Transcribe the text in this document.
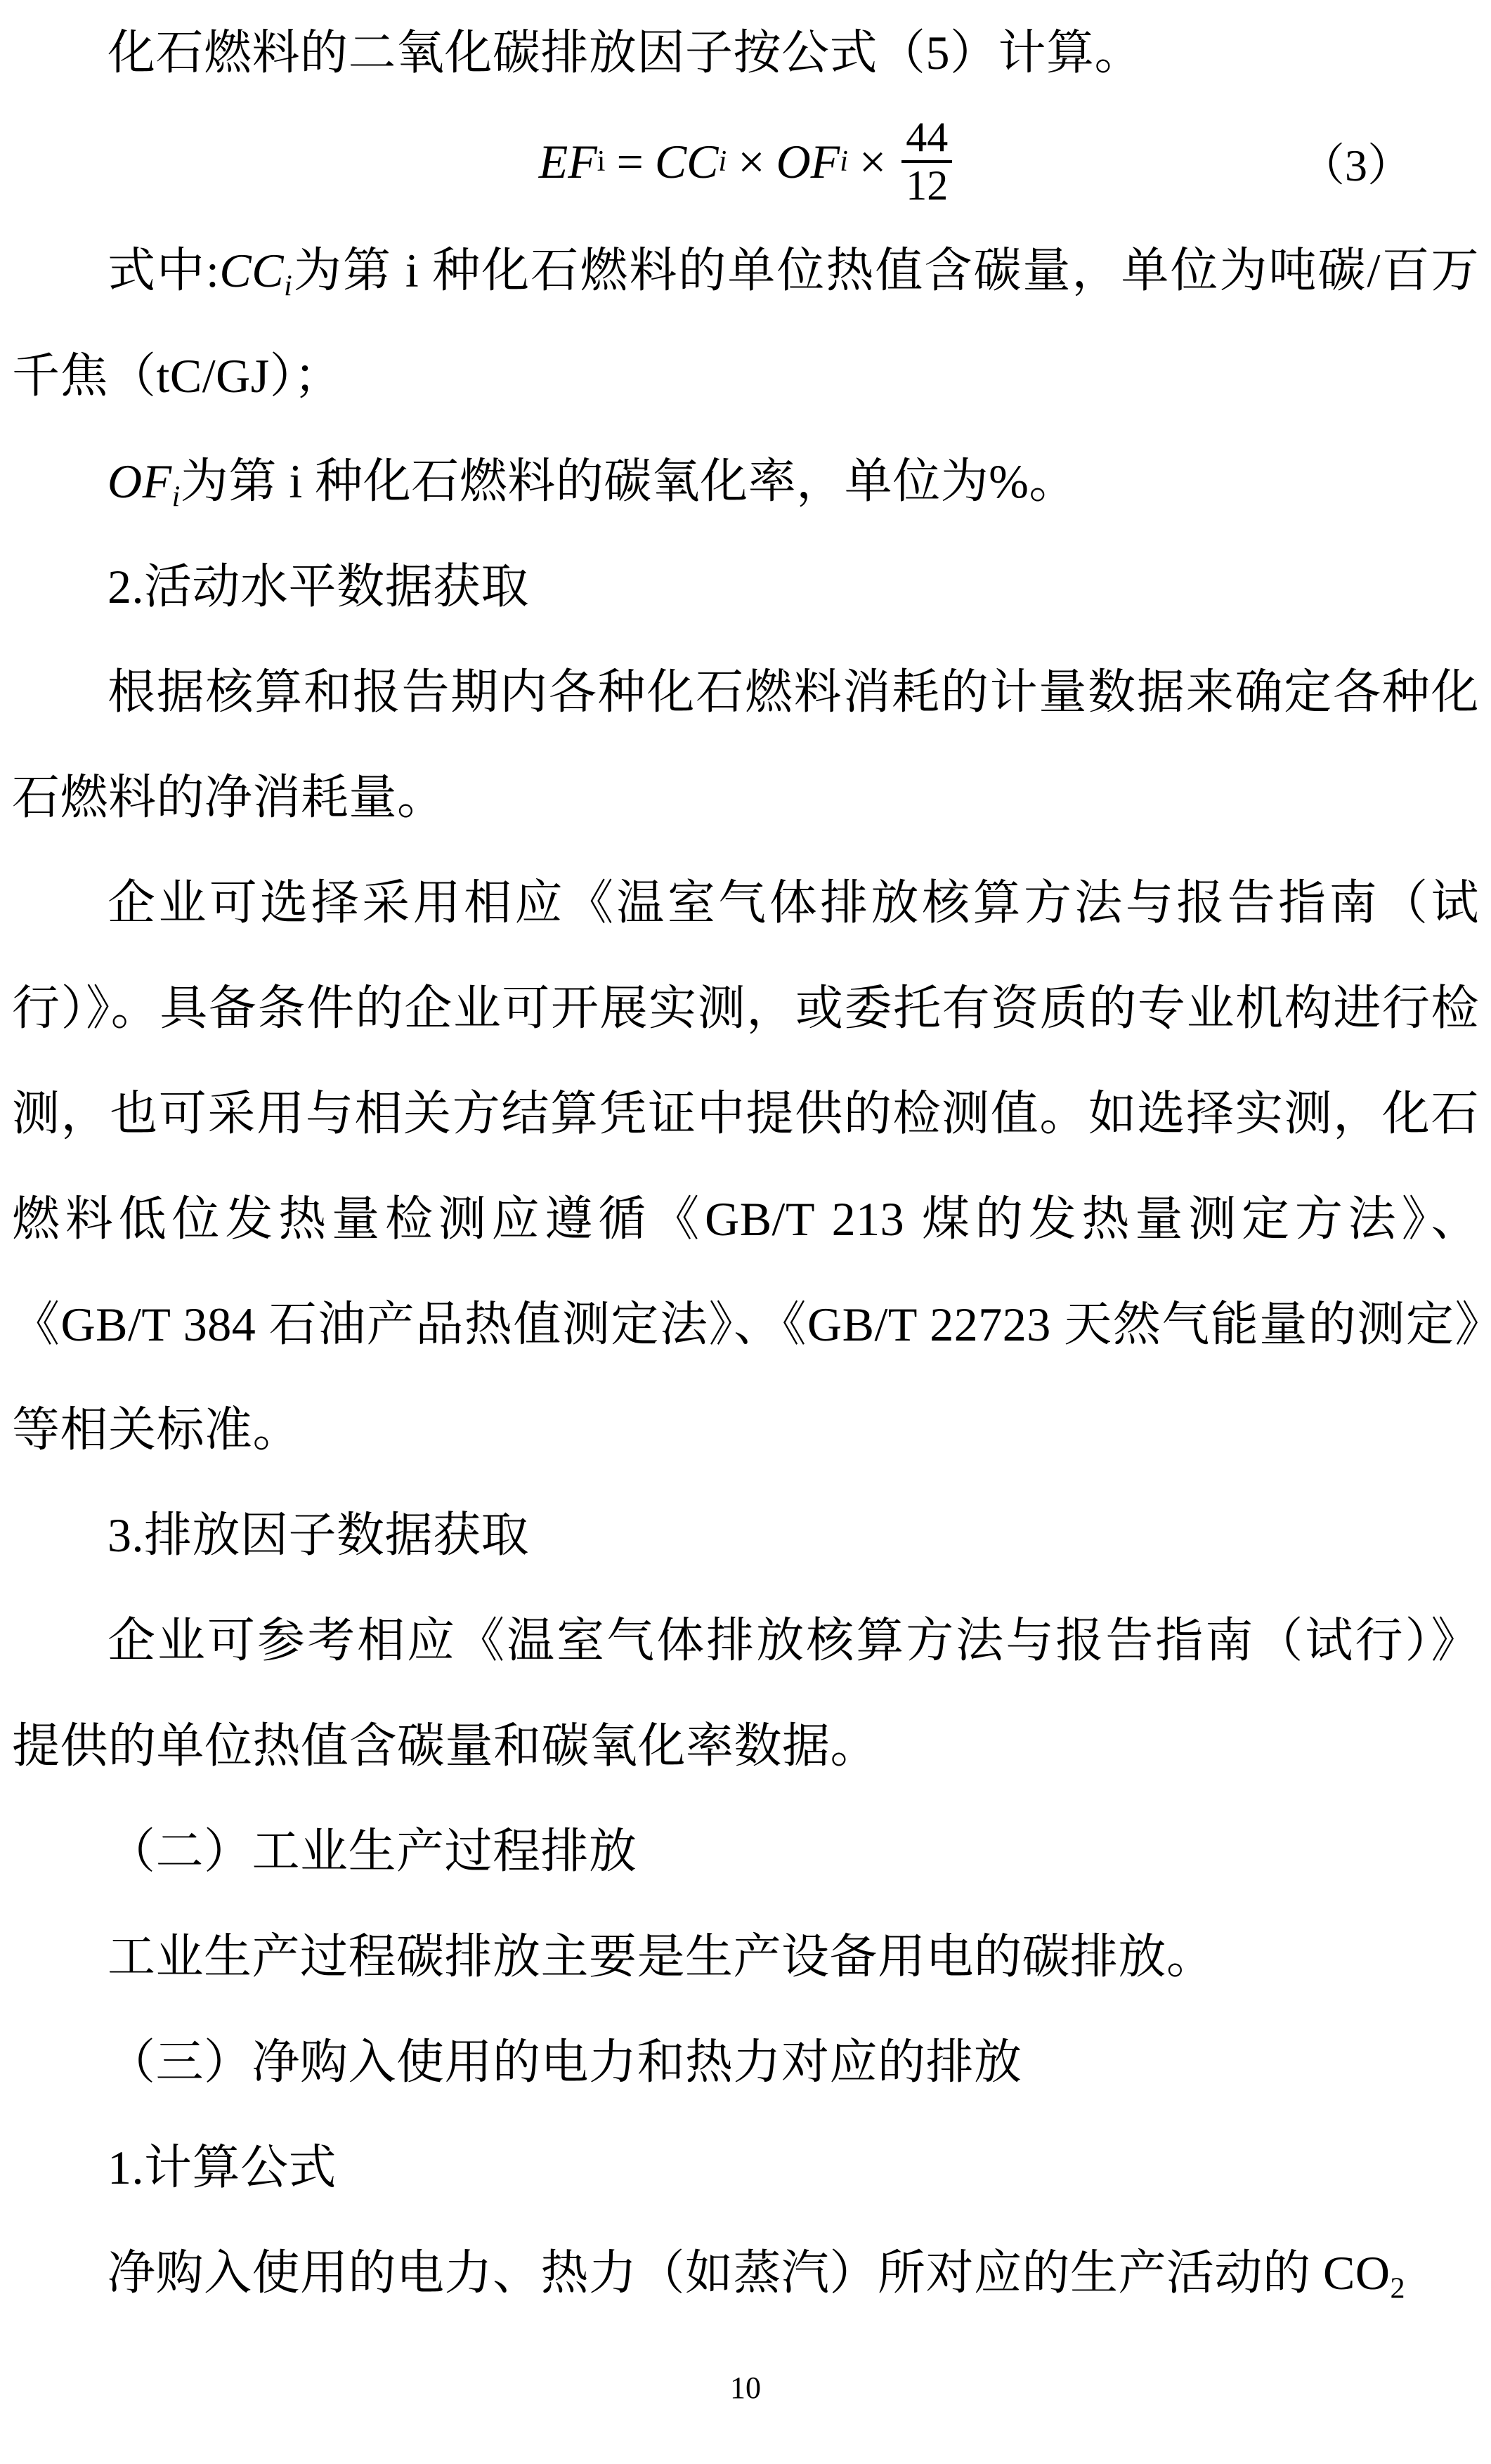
化石燃料的二氧化碳排放因子按公式（5）计算。

EF i = CC i × OF $i \times \frac{44}{12}$	（3）

式中$:CC_i$为第 i 种化石燃料的单位热值含碳量，单位为吨碳/百万千焦（tC/GJ）；

$OF_i$为第 i 种化石燃料的碳氧化率，单位为%。

2.活动水平数据获取

根据核算和报告期内各种化石燃料消耗的计量数据来确定各种化石燃料的净消耗量。

企业可选择采用相应《温室气体排放核算方法与报告指南（试行）》。具备条件的企业可开展实测，或委托有资质的专业机构进行检测，也可采用与相关方结算凭证中提供的检测值。如选择实测，化石燃料低位发热量检测应遵循《GB/T 213 煤的发热量测定方法》、《GB/T 384 石油产品热值测定法》、《GB/T 22723 天然气能量的测定》等相关标准。

3.排放因子数据获取

企业可参考相应《温室气体排放核算方法与报告指南（试行）》提供的单位热值含碳量和碳氧化率数据。

（二）工业生产过程排放

工业生产过程碳排放主要是生产设备用电的碳排放。

（三）净购入使用的电力和热力对应的排放

1.计算公式

净购入使用的电力、热力（如蒸汽）所对应的生产活动的 $CO_2$

10
